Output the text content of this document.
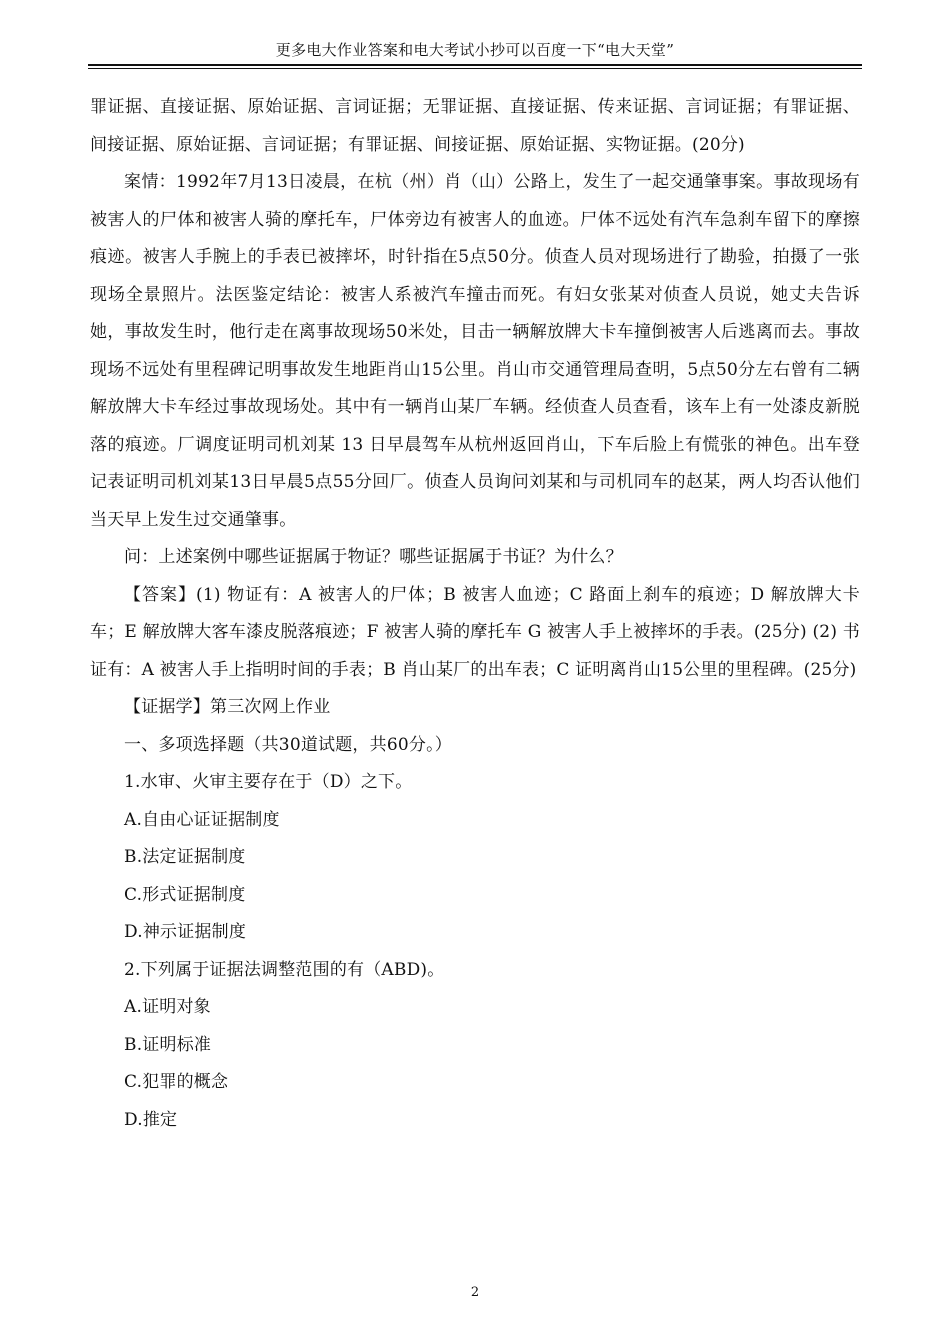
更多电大作业答案和电大考试小抄可以百度一下“电大天堂”

罪证据、直接证据、原始证据、言词证据；无罪证据、直接证据、传来证据、言词证据；有罪证据、间接证据、原始证据、言词证据；有罪证据、间接证据、原始证据、实物证据。(20分)

案情：1992年7月13日凌晨，在杭（州）肖（山）公路上，发生了一起交通肇事案。事故现场有被害人的尸体和被害人骑的摩托车，尸体旁边有被害人的血迹。尸体不远处有汽车急刹车留下的摩擦痕迹。被害人手腕上的手表已被摔坏，时针指在5点50分。侦查人员对现场进行了勘验，拍摄了一张现场全景照片。法医鉴定结论：被害人系被汽车撞击而死。有妇女张某对侦查人员说，她丈夫告诉她，事故发生时，他行走在离事故现场50米处，目击一辆解放牌大卡车撞倒被害人后逃离而去。事故现场不远处有里程碑记明事故发生地距肖山15公里。肖山市交通管理局查明，5点50分左右曾有二辆解放牌大卡车经过事故现场处。其中有一辆肖山某厂车辆。经侦查人员查看，该车上有一处漆皮新脱落的痕迹。厂调度证明司机刘某 13 日早晨驾车从杭州返回肖山，下车后脸上有慌张的神色。出车登记表证明司机刘某13日早晨5点55分回厂。侦查人员询问刘某和与司机同车的赵某，两人均否认他们当天早上发生过交通肇事。

问：上述案例中哪些证据属于物证？哪些证据属于书证？为什么？

【答案】(1) 物证有：A 被害人的尸体；B 被害人血迹；C 路面上刹车的痕迹；D 解放牌大卡车；E 解放牌大客车漆皮脱落痕迹；F 被害人骑的摩托车 G 被害人手上被摔坏的手表。(25分) (2) 书证有：A 被害人手上指明时间的手表；B 肖山某厂的出车表；C 证明离肖山15公里的里程碑。(25分)

【证据学】第三次网上作业

一、多项选择题（共30道试题，共60分。）

1.水审、火审主要存在于（D）之下。

A.自由心证证据制度

B.法定证据制度

C.形式证据制度

D.神示证据制度

2.下列属于证据法调整范围的有（ABD)。

A.证明对象

B.证明标准

C.犯罪的概念

D.推定

2
